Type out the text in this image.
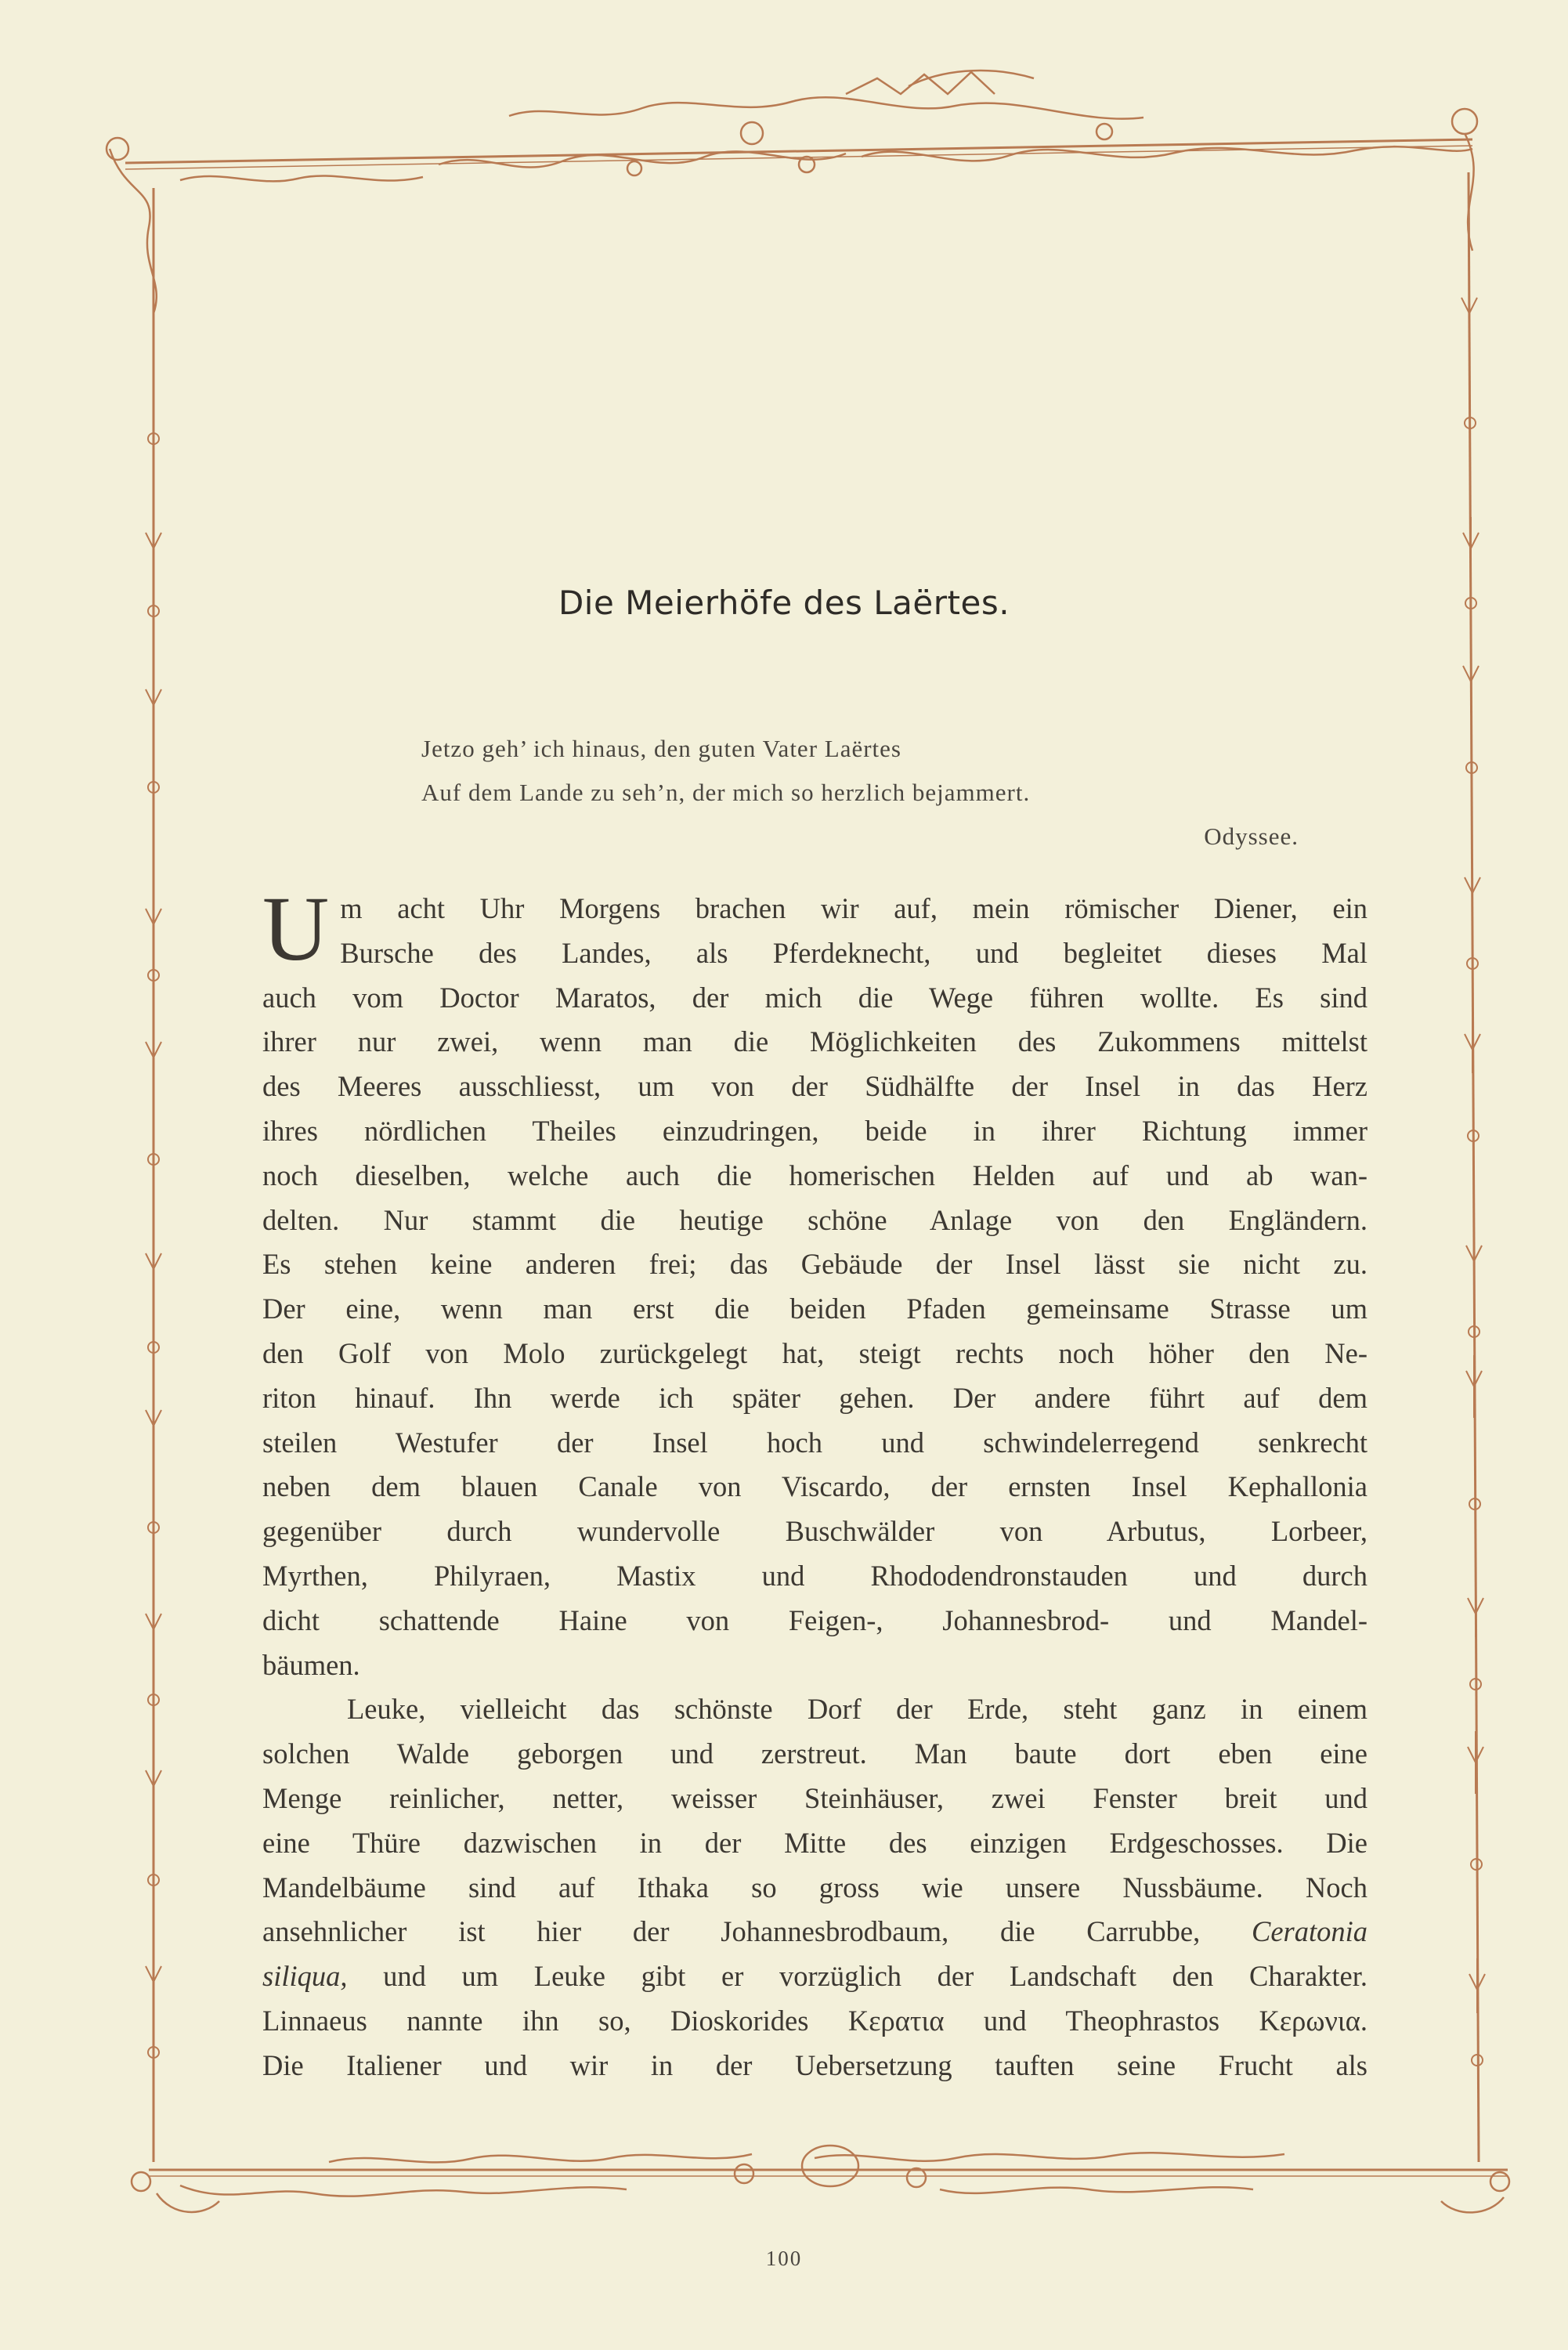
Die Meierhöfe des Laërtes.
Jetzo geh’ ich hinaus, den guten Vater Laërtes
Auf dem Lande zu seh’n, der mich so herzlich bejammert.
Odyssee.
U m acht Uhr Morgens brachen wir auf, mein römischer Diener, ein
Bursche des Landes, als Pferdeknecht, und begleitet dieses Mal
auch vom Doctor Maratos, der mich die Wege führen wollte. Es sind
ihrer nur zwei, wenn man die Möglichkeiten des Zukommens mittelst
des Meeres ausschliesst, um von der Südhälfte der Insel in das Herz
ihres nördlichen Theiles einzudringen, beide in ihrer Richtung immer
noch dieselben, welche auch die homerischen Helden auf und ab wan-
delten. Nur stammt die heutige schöne Anlage von den Engländern.
Es stehen keine anderen frei; das Gebäude der Insel lässt sie nicht zu.
Der eine, wenn man erst die beiden Pfaden gemeinsame Strasse um
den Golf von Molo zurückgelegt hat, steigt rechts noch höher den Ne-
riton hinauf. Ihn werde ich später gehen. Der andere führt auf dem
steilen Westufer der Insel hoch und schwindelerregend senkrecht
neben dem blauen Canale von Viscardo, der ernsten Insel Kephallonia
gegenüber durch wundervolle Buschwälder von Arbutus, Lorbeer,
Myrthen, Philyraen, Mastix und Rhododendronstauden und durch
dicht schattende Haine von Feigen-, Johannesbrod- und Mandel-
bäumen.
Leuke, vielleicht das schönste Dorf der Erde, steht ganz in einem
solchen Walde geborgen und zerstreut. Man baute dort eben eine
Menge reinlicher, netter, weisser Steinhäuser, zwei Fenster breit und
eine Thüre dazwischen in der Mitte des einzigen Erdgeschosses. Die
Mandelbäume sind auf Ithaka so gross wie unsere Nussbäume. Noch
ansehnlicher ist hier der Johannesbrodbaum, die Carrubbe, Ceratonia
siliqua, und um Leuke gibt er vorzüglich der Landschaft den Charakter.
Linnaeus nannte ihn so, Dioskorides Κερατια und Theophrastos Κερωνια.
Die Italiener und wir in der Uebersetzung tauften seine Frucht als
100
